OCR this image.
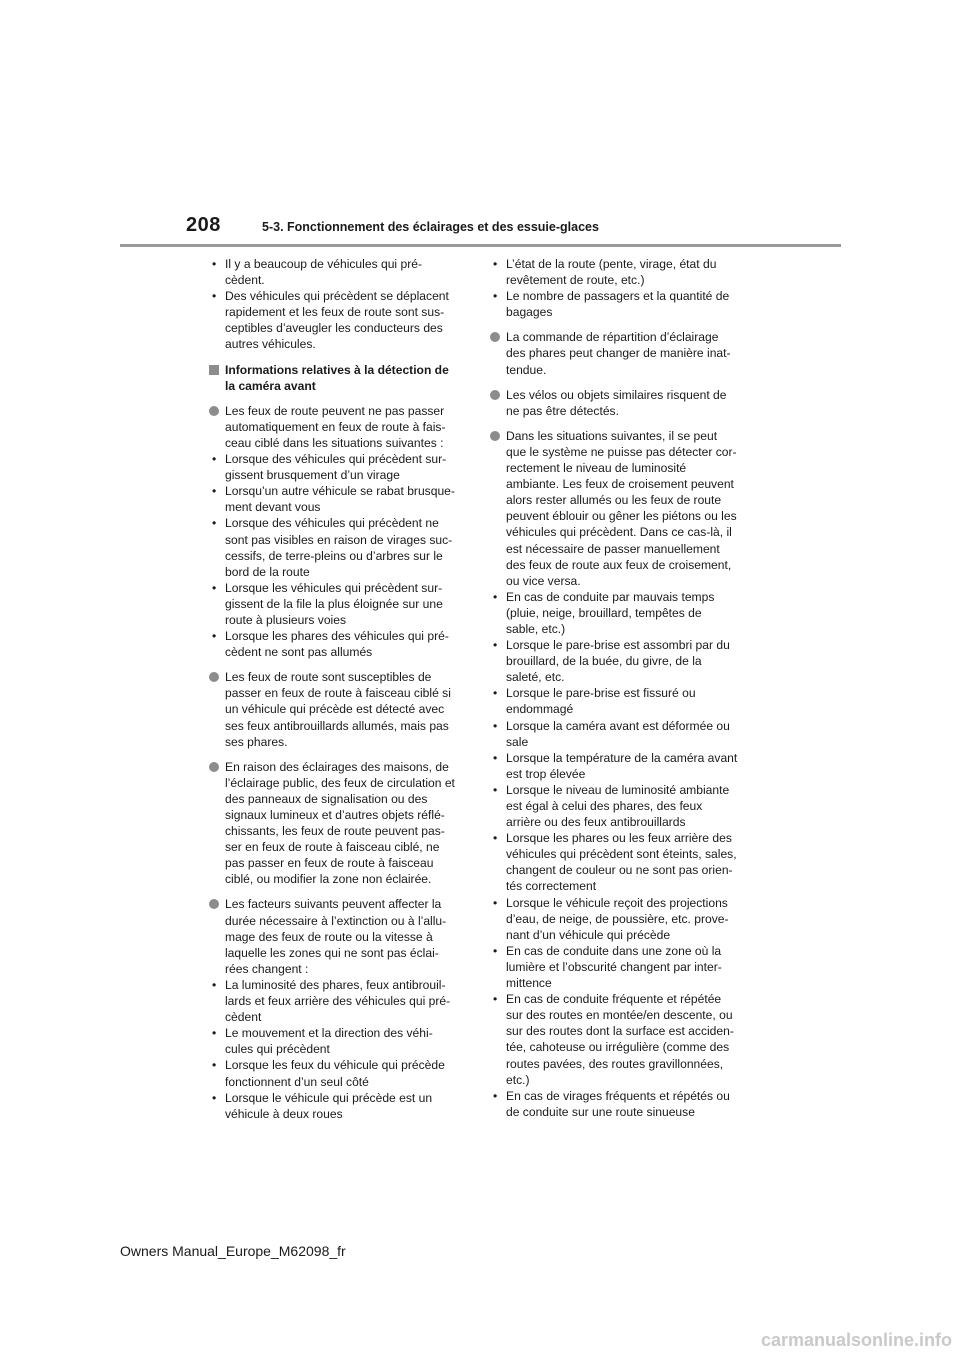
208	5-3. Fonctionnement des éclairages et des essuie-glaces
• Il y a beaucoup de véhicules qui pré-
cèdent.
• Des véhicules qui précèdent se déplacent
rapidement et les feux de route sont sus-
ceptibles d’aveugler les conducteurs des
autres véhicules.
Informations relatives à la détection de
la caméra avant
Les feux de route peuvent ne pas passer
automatiquement en feux de route à fais-
ceau ciblé dans les situations suivantes :
• Lorsque des véhicules qui précèdent sur-
gissent brusquement d’un virage
• Lorsqu’un autre véhicule se rabat brusque-
ment devant vous
• Lorsque des véhicules qui précèdent ne
sont pas visibles en raison de virages suc-
cessifs, de terre-pleins ou d’arbres sur le
bord de la route
• Lorsque les véhicules qui précèdent sur-
gissent de la file la plus éloignée sur une
route à plusieurs voies
• Lorsque les phares des véhicules qui pré-
cèdent ne sont pas allumés
Les feux de route sont susceptibles de
passer en feux de route à faisceau ciblé si
un véhicule qui précède est détecté avec
ses feux antibrouillards allumés, mais pas
ses phares.
En raison des éclairages des maisons, de
l’éclairage public, des feux de circulation et
des panneaux de signalisation ou des
signaux lumineux et d’autres objets réflé-
chissants, les feux de route peuvent pas-
ser en feux de route à faisceau ciblé, ne
pas passer en feux de route à faisceau
ciblé, ou modifier la zone non éclairée.
Les facteurs suivants peuvent affecter la
durée nécessaire à l’extinction ou à l’allu-
mage des feux de route ou la vitesse à
laquelle les zones qui ne sont pas éclai-
rées changent :
• La luminosité des phares, feux antibrouil-
lards et feux arrière des véhicules qui pré-
cèdent
• Le mouvement et la direction des véhi-
cules qui précèdent
• Lorsque les feux du véhicule qui précède
fonctionnent d’un seul côté
• Lorsque le véhicule qui précède est un
véhicule à deux roues
• L’état de la route (pente, virage, état du
revêtement de route, etc.)
• Le nombre de passagers et la quantité de
bagages
La commande de répartition d’éclairage
des phares peut changer de manière inat-
tendue.
Les vélos ou objets similaires risquent de
ne pas être détectés.
Dans les situations suivantes, il se peut
que le système ne puisse pas détecter cor-
rectement le niveau de luminosité
ambiante. Les feux de croisement peuvent
alors rester allumés ou les feux de route
peuvent éblouir ou gêner les piétons ou les
véhicules qui précèdent. Dans ce cas-là, il
est nécessaire de passer manuellement
des feux de route aux feux de croisement,
ou vice versa.
• En cas de conduite par mauvais temps
(pluie, neige, brouillard, tempêtes de
sable, etc.)
• Lorsque le pare-brise est assombri par du
brouillard, de la buée, du givre, de la
saleté, etc.
• Lorsque le pare-brise est fissuré ou
endommagé
• Lorsque la caméra avant est déformée ou
sale
• Lorsque la température de la caméra avant
est trop élevée
• Lorsque le niveau de luminosité ambiante
est égal à celui des phares, des feux
arrière ou des feux antibrouillards
• Lorsque les phares ou les feux arrière des
véhicules qui précèdent sont éteints, sales,
changent de couleur ou ne sont pas orien-
tés correctement
• Lorsque le véhicule reçoit des projections
d’eau, de neige, de poussière, etc. prove-
nant d’un véhicule qui précède
• En cas de conduite dans une zone où la
lumière et l’obscurité changent par inter-
mittence
• En cas de conduite fréquente et répétée
sur des routes en montée/en descente, ou
sur des routes dont la surface est acciden-
tée, cahoteuse ou irrégulière (comme des
routes pavées, des routes gravillonnées,
etc.)
• En cas de virages fréquents et répétés ou
de conduite sur une route sinueuse
Owners Manual_Europe_M62098_fr
carmanualsonline.info
